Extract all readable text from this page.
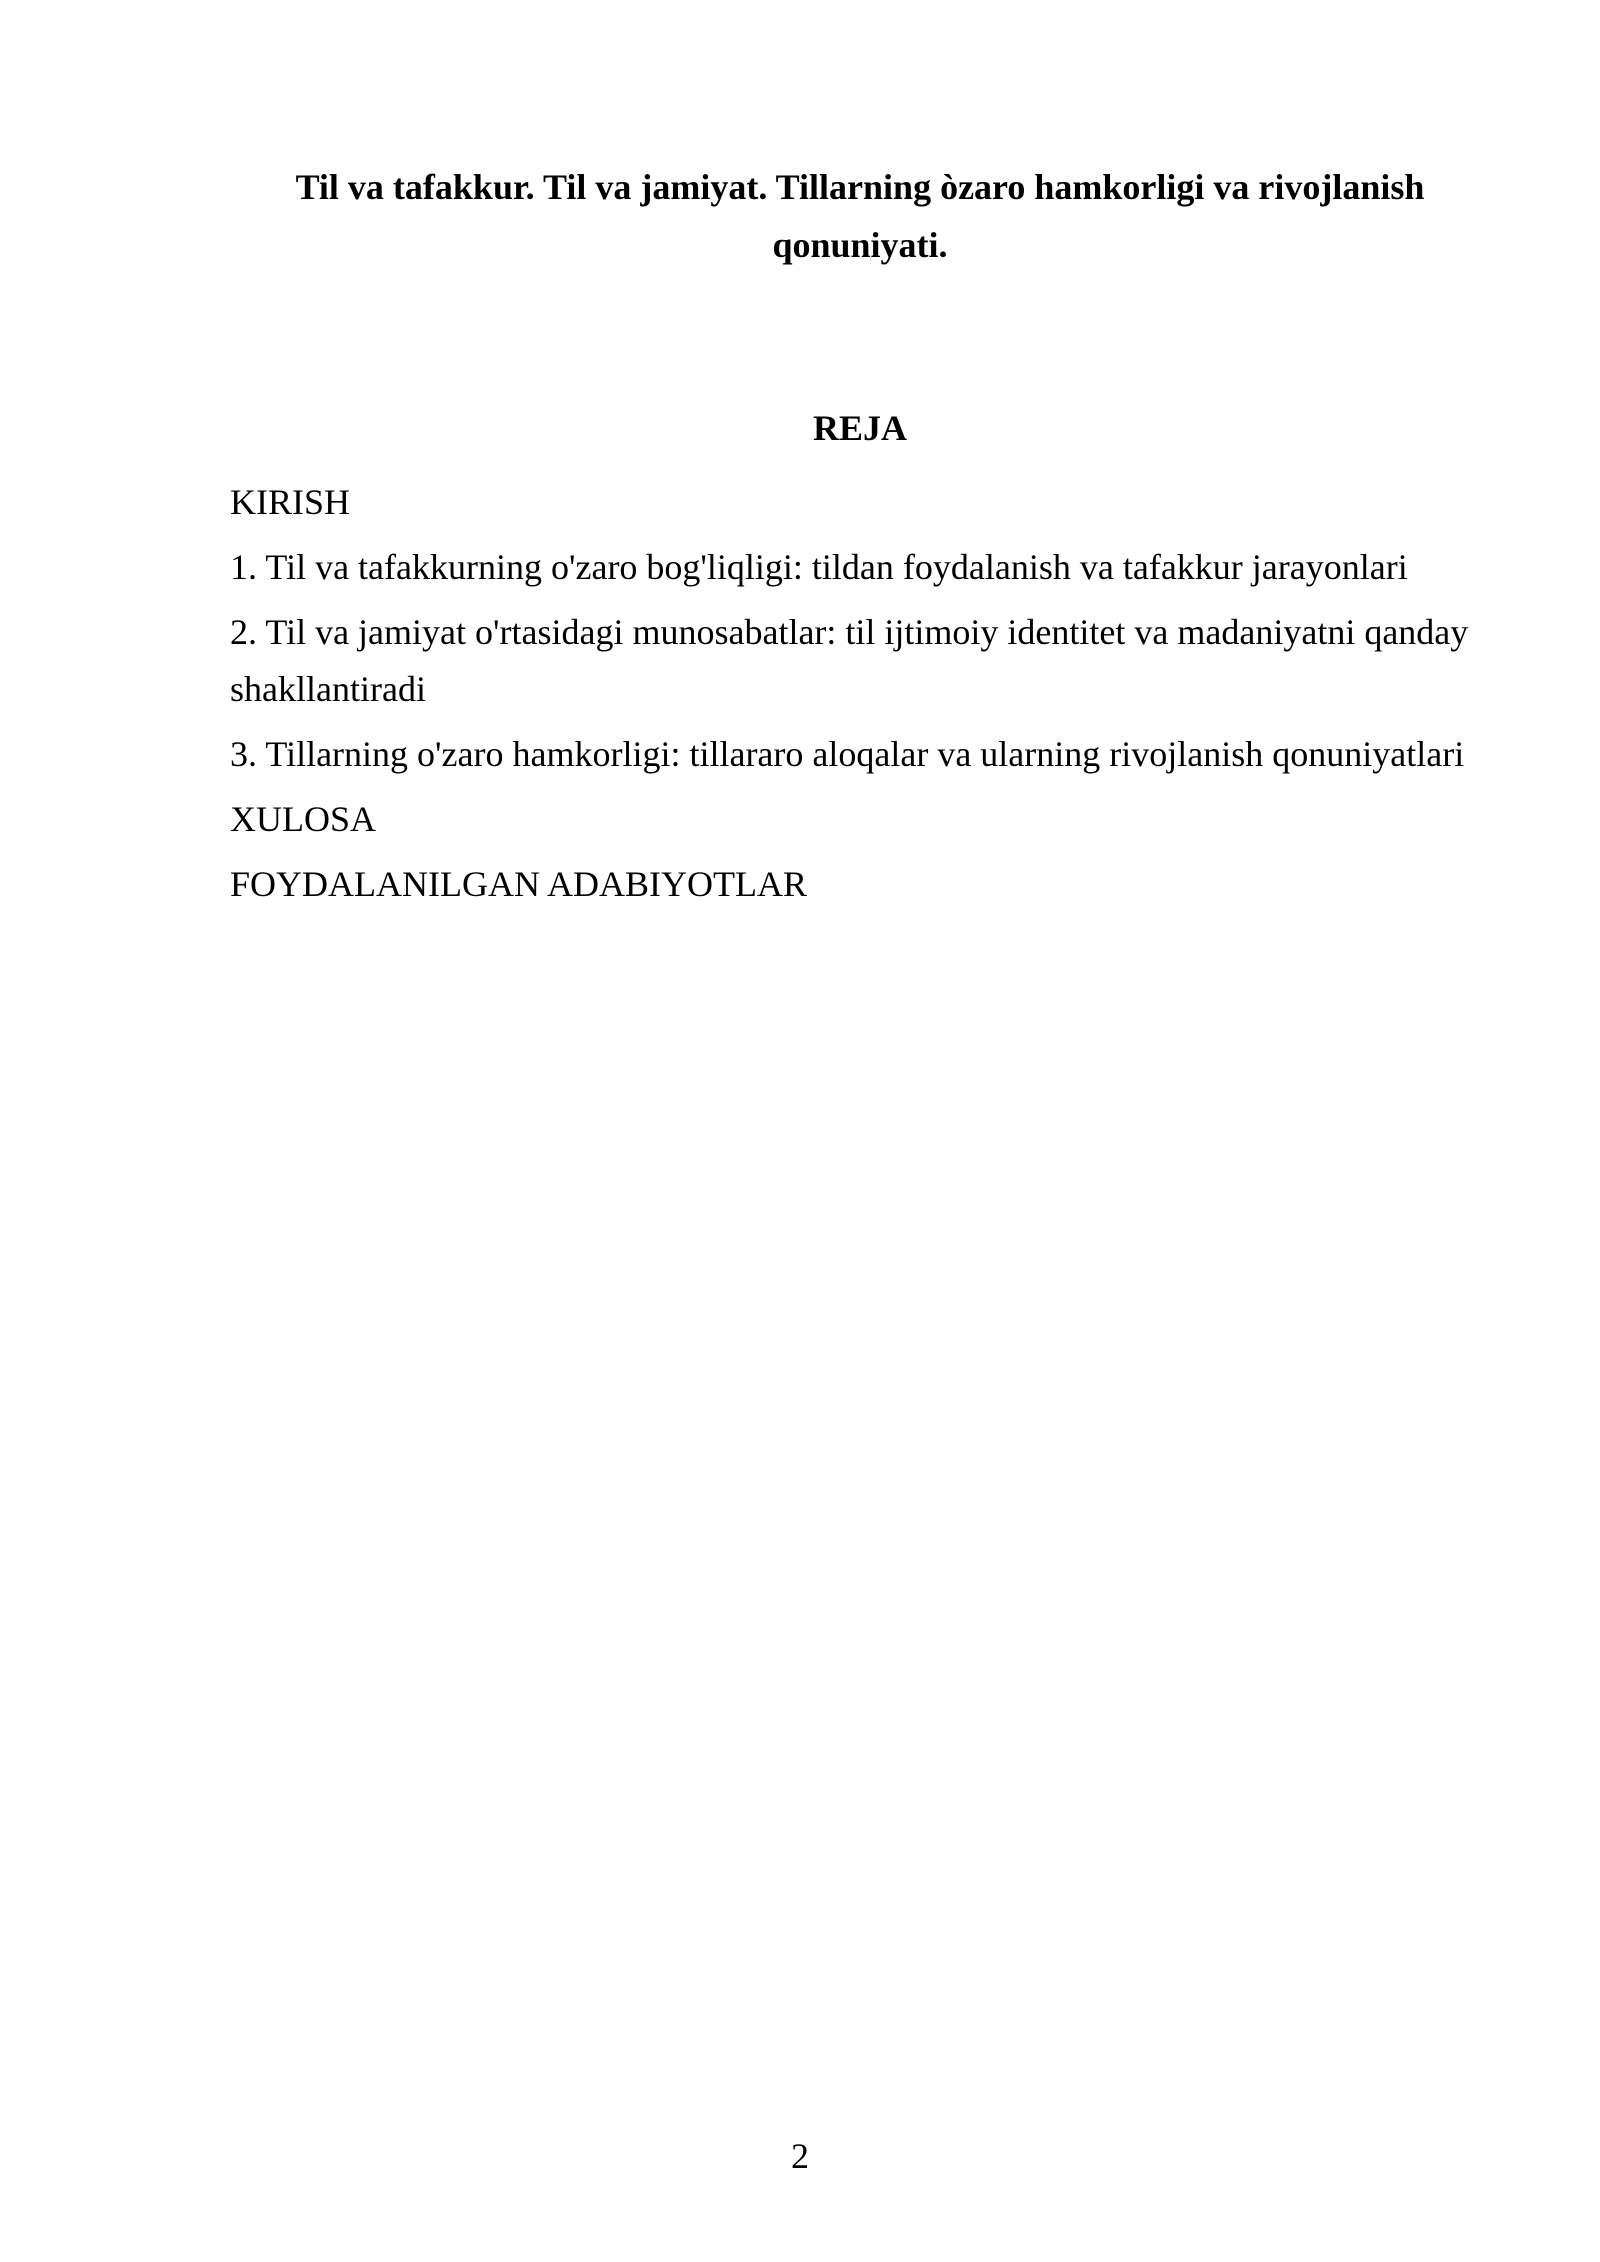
Til va tafakkur. Til va jamiyat. Tillarning òzaro hamkorligi va rivojlanish qonuniyati.
REJA
KIRISH
1. Til va tafakkurning o'zaro bog'liqligi: tildan foydalanish va tafakkur jarayonlari
2. Til va jamiyat o'rtasidagi munosabatlar: til ijtimoiy identitet va madaniyatni qanday shakllantiradi
3. Tillarning o'zaro hamkorligi: tillararo aloqalar va ularning rivojlanish qonuniyatlari
XULOSA
FOYDALANILGAN ADABIYOTLAR
2
